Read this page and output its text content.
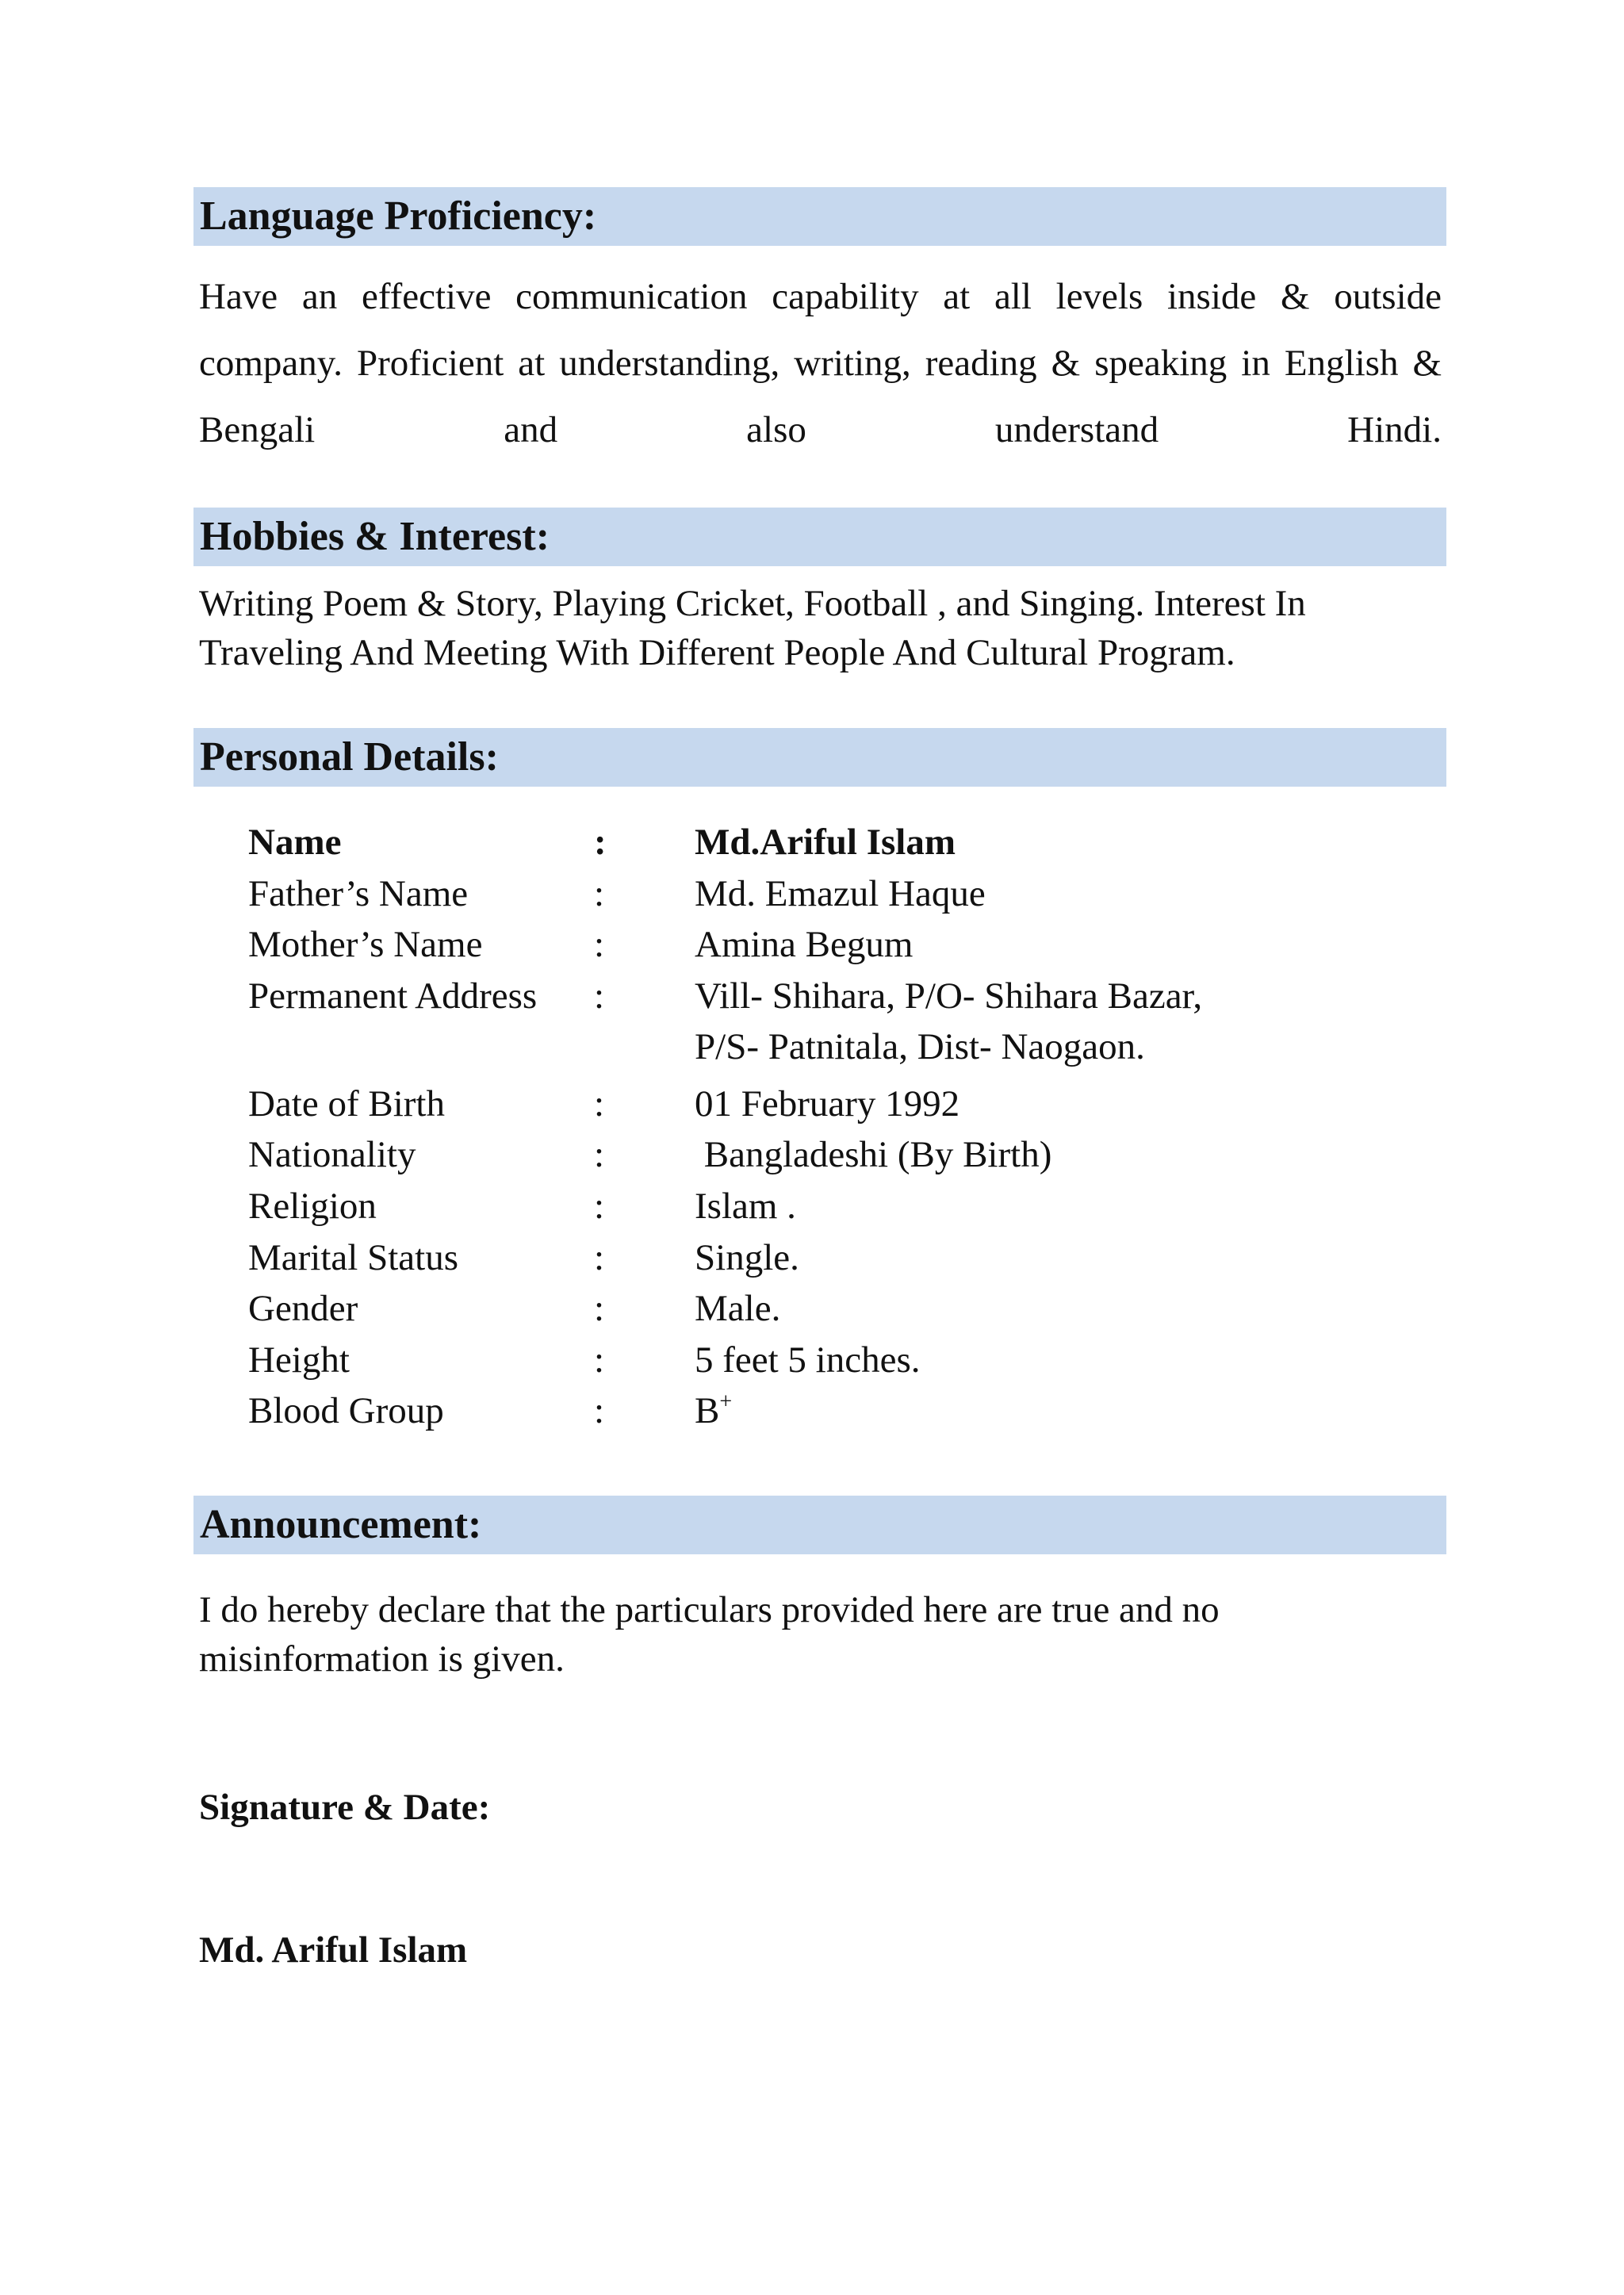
Language Proficiency:
Have an effective communication capability at all levels inside & outside company. Proficient at understanding, writing, reading & speaking in English & Bengali and also understand Hindi.
Hobbies & Interest:
Writing Poem & Story, Playing Cricket, Football , and Singing. Interest In
Traveling And Meeting With Different People And Cultural Program.
Personal Details:
Name	: Md.Ariful Islam
Father’s Name	: Md. Emazul Haque
Mother’s Name	: Amina Begum
Permanent Address : Vill- Shihara, P/O- Shihara Bazar,
P/S- Patnitala, Dist- Naogaon.
Date of Birth	: 01 February 1992
Nationality	: Bangladeshi (By Birth)
Religion	: Islam .
Marital Status	: Single.
Gender	: Male.
Height	: 5 feet 5 inches.
Blood Group	: B+
Announcement:
I do hereby declare that the particulars provided here are true and no
misinformation is given.
Signature & Date:
Md. Ariful Islam
